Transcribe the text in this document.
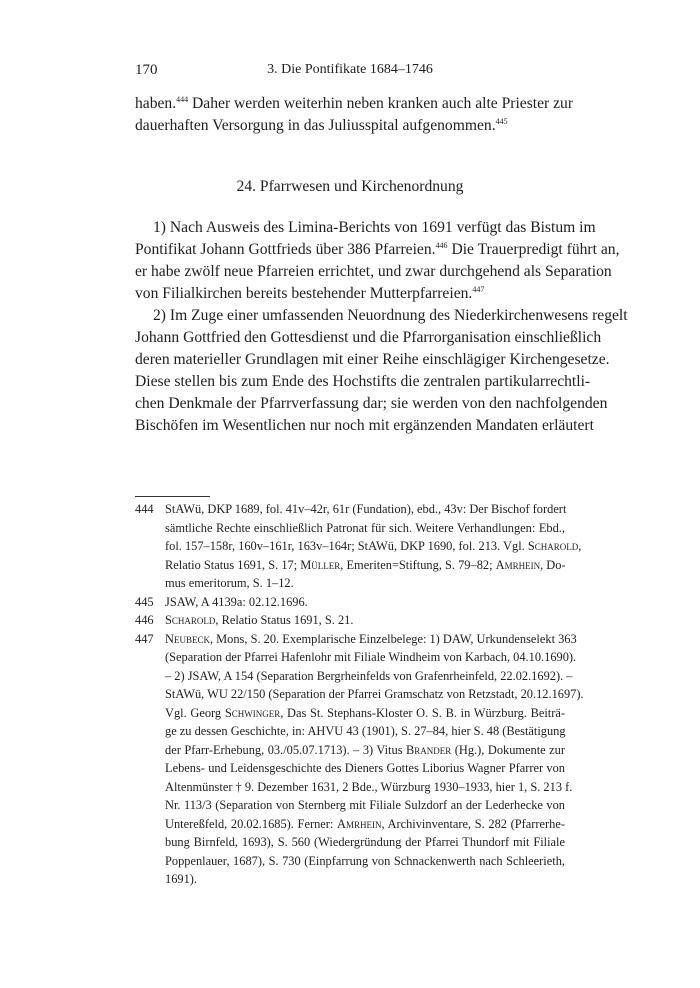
170	3. Die Pontifikate 1684–1746
haben.$^{444}$ Daher werden weiterhin neben kranken auch alte Priester zur
dauerhaften Versorgung in das Juliusspital aufgenommen.$^{445}$
24. Pfarrwesen und Kirchenordnung
1) Nach Ausweis des Limina-Berichts von 1691 verfügt das Bistum im
Pontifikat Johann Gottfrieds über 386 Pfarreien.$^{446}$ Die Trauerpredigt führt an,
er habe zwölf neue Pfarreien errichtet, und zwar durchgehend als Separation
von Filialkirchen bereits bestehender Mutterpfarreien.$^{447}$
2) Im Zuge einer umfassenden Neuordnung des Niederkirchenwesens regelt
Johann Gottfried den Gottesdienst und die Pfarrorganisation einschließlich
deren materieller Grundlagen mit einer Reihe einschlägiger Kirchengesetze.
Diese stellen bis zum Ende des Hochstifts die zentralen partikularrechtli-
chen Denkmale der Pfarrverfassung dar; sie werden von den nachfolgenden
Bischöfen im Wesentlichen nur noch mit ergänzenden Mandaten erläutert
444 StAWü, DKP 1689, fol. 41v–42r, 61r (Fundation), ebd., 43v: Der Bischof fordert
sämtliche Rechte einschließlich Patronat für sich. Weitere Verhandlungen: Ebd.,
fol. 157–158r, 160v–161r, 163v–164r; StAWü, DKP 1690, fol. 213. Vgl. Scharold,
Relatio Status 1691, S. 17; Müller, Emeriten=Stiftung, S. 79–82; Amrhein, Do-
mus emeritorum, S. 1–12.
445 JSAW, A 4139a: 02.12.1696.
446 Scharold, Relatio Status 1691, S. 21.
447 Neubeck, Mons, S. 20. Exemplarische Einzelbelege: 1) DAW, Urkundenselekt 363
(Separation der Pfarrei Hafenlohr mit Filiale Windheim von Karbach, 04.10.1690).
– 2) JSAW, A 154 (Separation Bergrheinfelds von Grafenrheinfeld, 22.02.1692). –
StAWü, WU 22/150 (Separation der Pfarrei Gramschatz von Retzstadt, 20.12.1697).
Vgl. Georg Schwinger, Das St. Stephans-Kloster O. S. B. in Würzburg. Beiträ-
ge zu dessen Geschichte, in: AHVU 43 (1901), S. 27–84, hier S. 48 (Bestätigung
der Pfarr-Erhebung, 03./05.07.1713). – 3) Vitus Brander (Hg.), Dokumente zur
Lebens- und Leidensgeschichte des Dieners Gottes Liborius Wagner Pfarrer von
Altenmünster † 9. Dezember 1631, 2 Bde., Würzburg 1930–1933, hier 1, S. 213 f.
Nr. 113/3 (Separation von Sternberg mit Filiale Sulzdorf an der Lederhecke von
Untereßfeld, 20.02.1685). Ferner: Amrhein, Archivinventare, S. 282 (Pfarrerhe-
bung Birnfeld, 1693), S. 560 (Wiedergründung der Pfarrei Thundorf mit Filiale
Poppenlauer, 1687), S. 730 (Einpfarrung von Schnackenwerth nach Schleerieth,
1691).
